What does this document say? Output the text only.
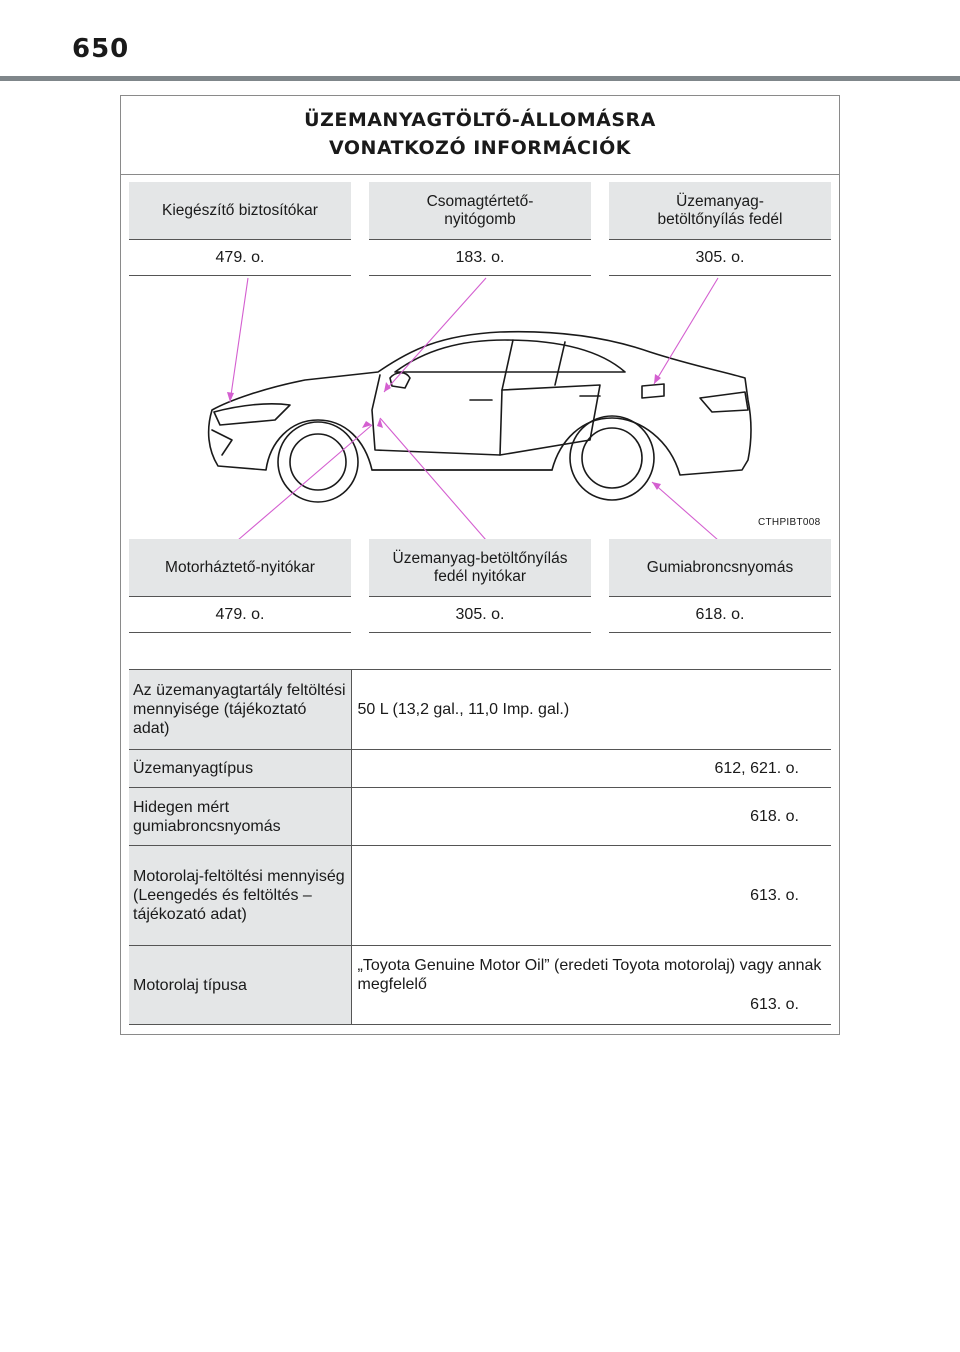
650
ÜZEMANYAGTÖLTŐ-ÁLLOMÁSRA
VONATKOZÓ INFORMÁCIÓK
Kiegészítő biztosítókar
479. o.
Csomagtértető-nyitógomb
183. o.
Üzemanyag-betöltőnyílás fedél
305. o.
CTHPIBT008
Motorháztető-nyitókar
479. o.
Üzemanyag-betöltőnyílás fedél nyitókar
305. o.
Gumiabroncsnyomás
618. o.
Az üzemanyagtartály feltöltési mennyisége (tájékoztató adat)	50 L (13,2 gal., 11,0 Imp. gal.)
Üzemanyagtípus	612, 621. o.
Hidegen mért gumiabroncsnyomás	618. o.
Motorolaj-feltöltési mennyiség (Leengedés és feltöltés – tájékozató adat)	613. o.
Motorolaj típusa	„Toyota Genuine Motor Oil” (eredeti Toyota motorolaj) vagy annak megfelelő
613. o.
